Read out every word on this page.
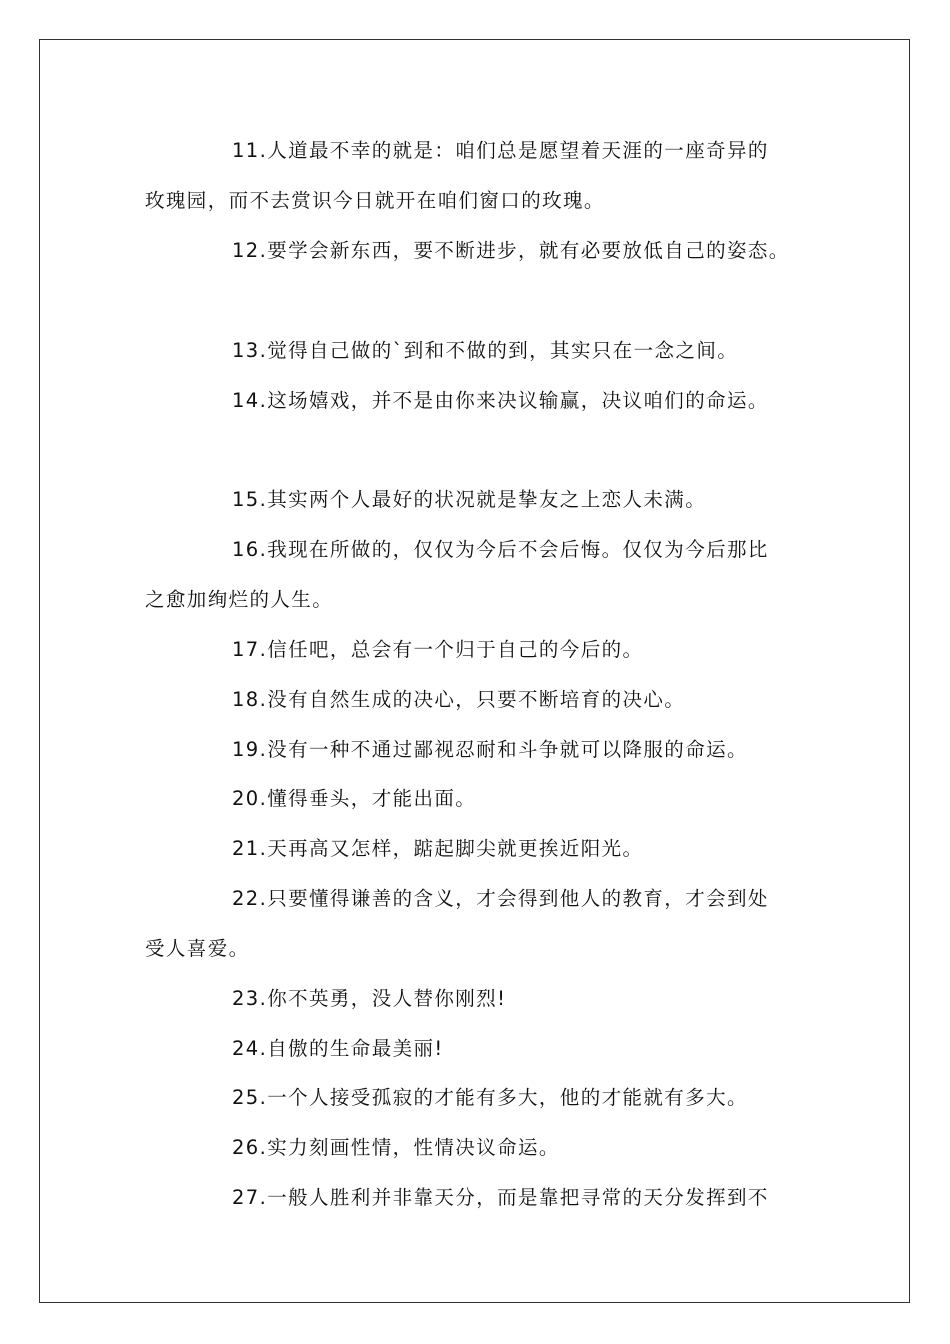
11.人道最不幸的就是：咱们总是愿望着天涯的一座奇异的
玫瑰园，而不去赏识今日就开在咱们窗口的玫瑰。
12.要学会新东西，要不断进步，就有必要放低自己的姿态。
13.觉得自己做的`到和不做的到，其实只在一念之间。
14.这场嬉戏，并不是由你来决议输赢，决议咱们的命运。
15.其实两个人最好的状况就是挚友之上恋人未满。
16.我现在所做的，仅仅为今后不会后悔。仅仅为今后那比
之愈加绚烂的人生。
17.信任吧，总会有一个归于自己的今后的。
18.没有自然生成的决心，只要不断培育的决心。
19.没有一种不通过鄙视忍耐和斗争就可以降服的命运。
20.懂得垂头，才能出面。
21.天再高又怎样，踮起脚尖就更挨近阳光。
22.只要懂得谦善的含义，才会得到他人的教育，才会到处
受人喜爱。
23.你不英勇，没人替你刚烈!
24.自傲的生命最美丽!
25.一个人接受孤寂的才能有多大，他的才能就有多大。
26.实力刻画性情，性情决议命运。
27.一般人胜利并非靠天分，而是靠把寻常的天分发挥到不
